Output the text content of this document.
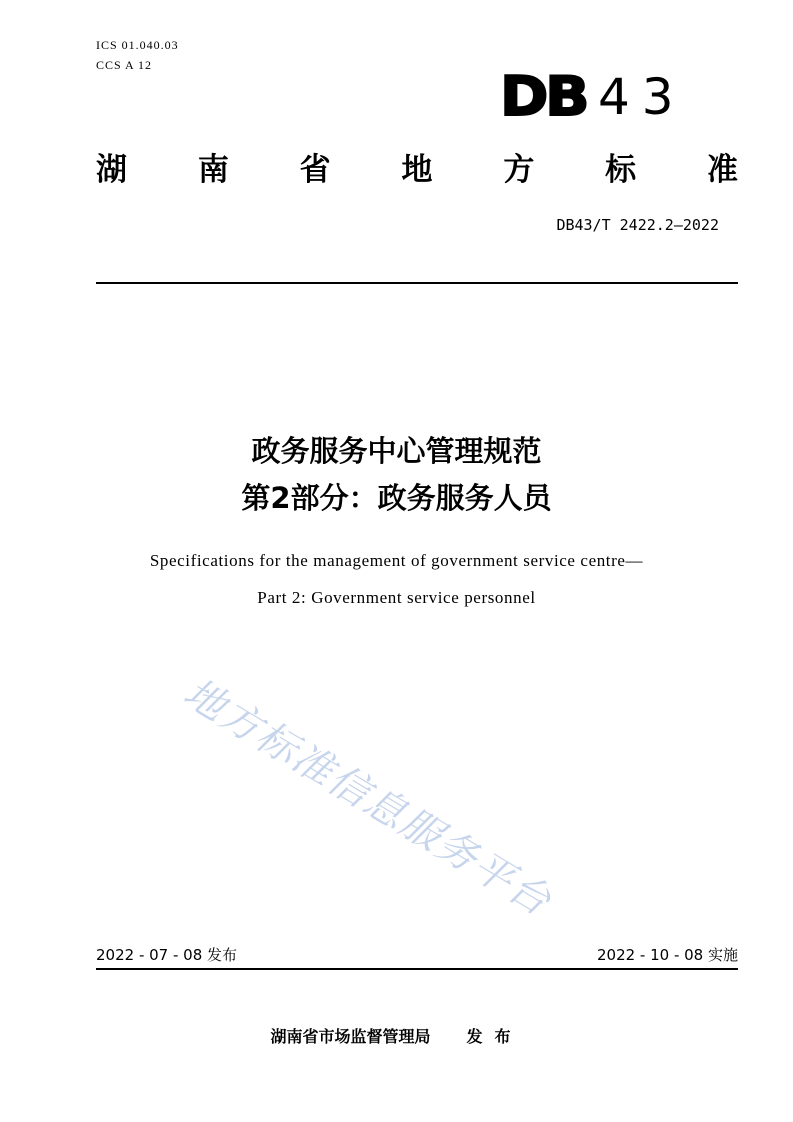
ICS 01.040.03
CCS A 12	DB 43
湖 南 省 地 方 标 准
DB43/T 2422.2—2022
政务服务中心管理规范
第2部分：政务服务人员
Specifications for the management of government service centre—
Part 2: Government service personnel
地方标准信息服务平台
2022 - 07 - 08 发布	2022 - 10 - 08 实施
湖南省市场监督管理局 发布
